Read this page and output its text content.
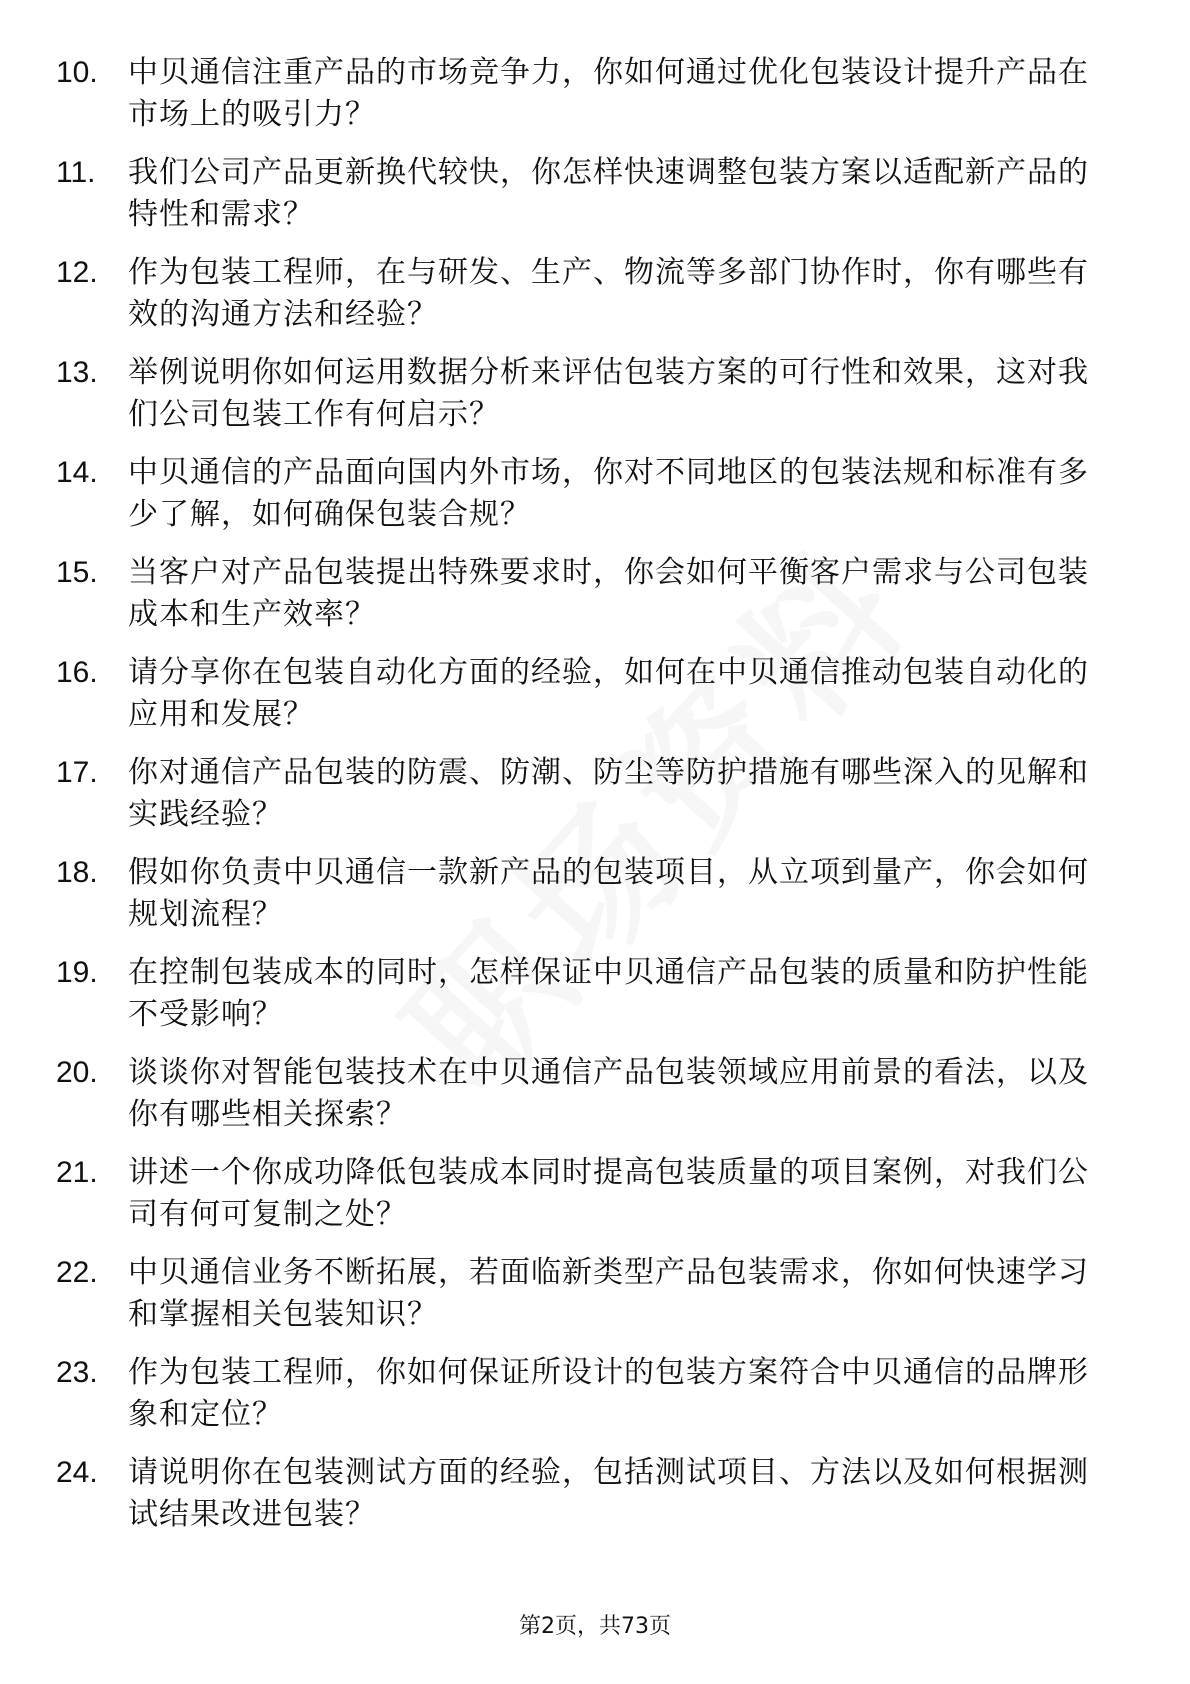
10.	中贝通信注重产品的市场竞争力，你如何通过优化包装设计提升产品在市场上的吸引力？
11.	我们公司产品更新换代较快，你怎样快速调整包装方案以适配新产品的特性和需求？
12.	作为包装工程师，在与研发、生产、物流等多部门协作时，你有哪些有效的沟通方法和经验？
13.	举例说明你如何运用数据分析来评估包装方案的可行性和效果，这对我们公司包装工作有何启示？
14.	中贝通信的产品面向国内外市场，你对不同地区的包装法规和标准有多少了解，如何确保包装合规？
15.	当客户对产品包装提出特殊要求时，你会如何平衡客户需求与公司包装成本和生产效率？
16.	请分享你在包装自动化方面的经验，如何在中贝通信推动包装自动化的应用和发展？
17.	你对通信产品包装的防震、防潮、防尘等防护措施有哪些深入的见解和实践经验？
18.	假如你负责中贝通信一款新产品的包装项目，从立项到量产，你会如何规划流程？
19.	在控制包装成本的同时，怎样保证中贝通信产品包装的质量和防护性能不受影响？
20.	谈谈你对智能包装技术在中贝通信产品包装领域应用前景的看法，以及你有哪些相关探索？
21.	讲述一个你成功降低包装成本同时提高包装质量的项目案例，对我们公司有何可复制之处？
22.	中贝通信业务不断拓展，若面临新类型产品包装需求，你如何快速学习和掌握相关包装知识？
23.	作为包装工程师，你如何保证所设计的包装方案符合中贝通信的品牌形象和定位？
24.	请说明你在包装测试方面的经验，包括测试项目、方法以及如何根据测试结果改进包装？
第2页，共73页
